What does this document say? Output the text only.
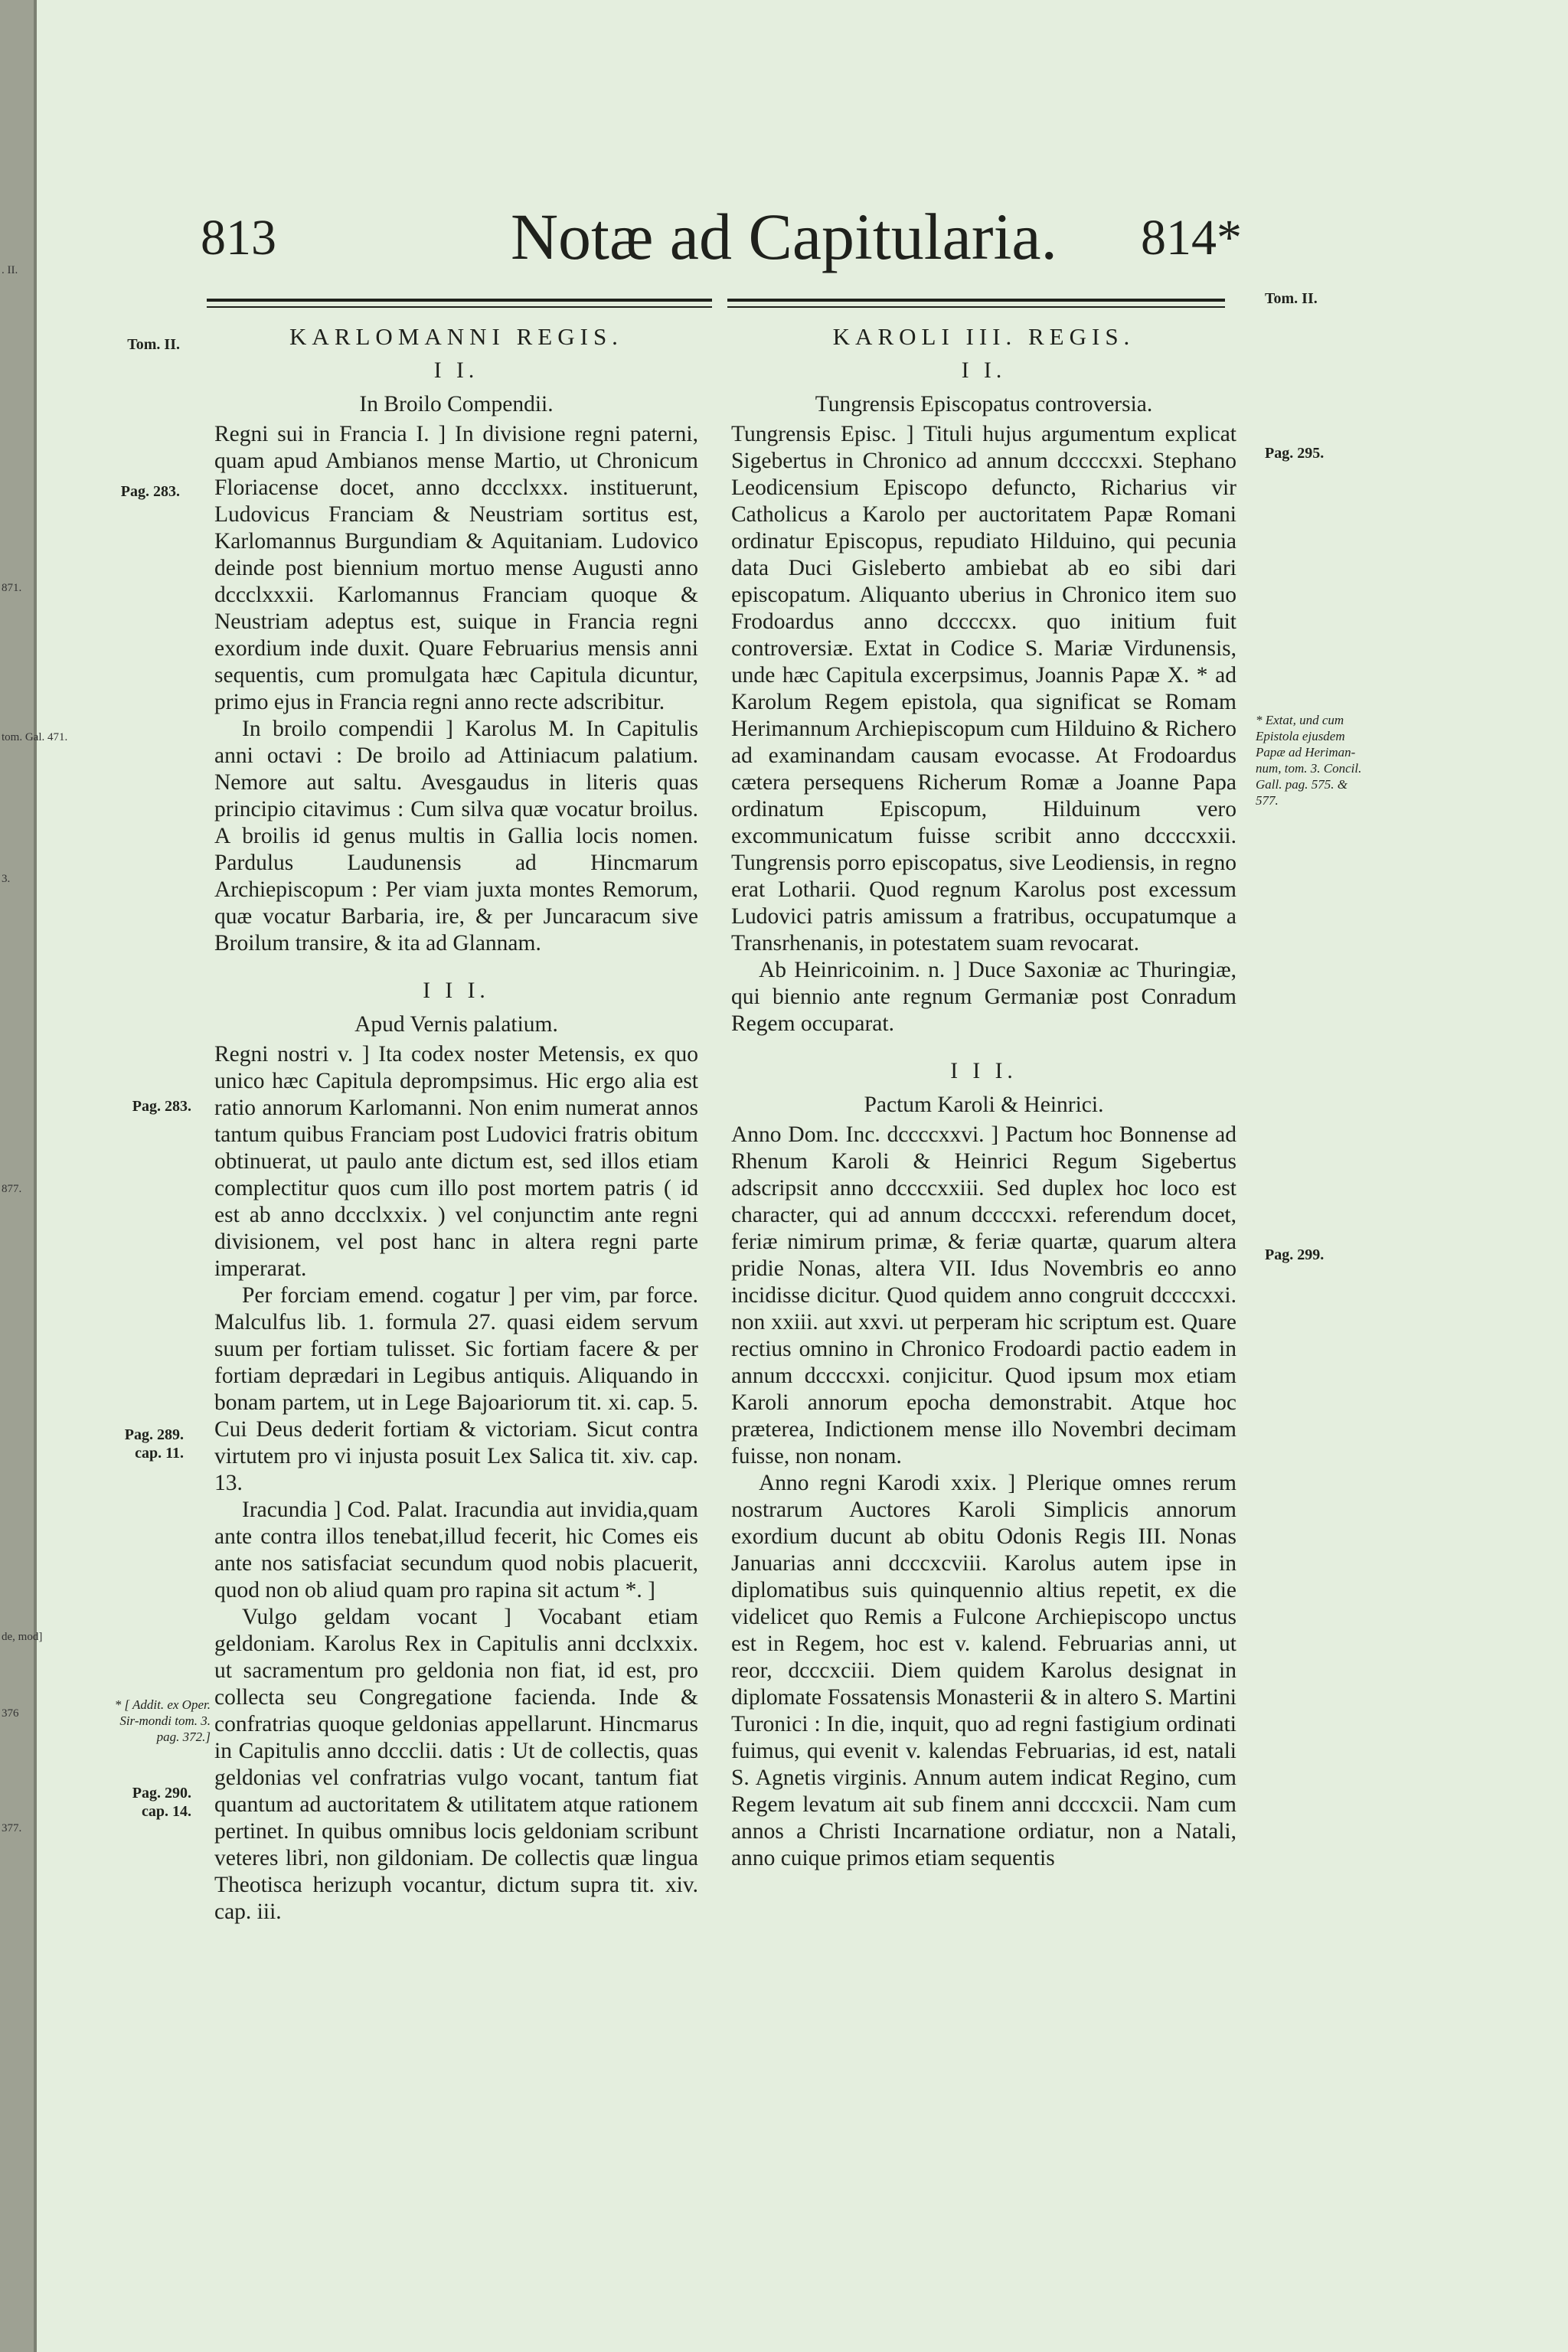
. II.
871.
tom. Gal. 471.
3.
877.
de, mod]
376
377.
813	Notæ ad Capitularia.	814*
Tom. II.
Pag. 283.
Pag. 283.
Pag. 289. cap. 11.
* [ Addit. ex Oper. Sir-mondi tom. 3. pag. 372.]
Pag. 290. cap. 14.
Tom. II.
Pag. 295.
* Extat, und cum Epistola ejusdem Papæ ad Heriman-num, tom. 3. Concil. Gall. pag. 575. & 577.
Pag. 299.

KARLOMANNI REGIS.

I I.

In Broilo Compendii.

Regni sui in Francia I. ] In divisione regni paterni, quam apud Ambianos mense Martio, ut Chronicum Floriacense docet, anno dccclxxx. instituerunt, Ludovicus Franciam & Neustriam sortitus est, Karlomannus Burgundiam & Aquitaniam. Ludovico deinde post biennium mortuo mense Augusti anno dccclxxxii. Karlomannus Franciam quoque & Neustriam adeptus est, suique in Francia regni exordium inde duxit. Quare Februarius mensis anni sequentis, cum promulgata hæc Capitula dicuntur, primo ejus in Francia regni anno recte adscribitur.

In broilo compendii ] Karolus M. In Capitulis anni octavi : De broilo ad Attiniacum palatium. Nemore aut saltu. Avesgaudus in literis quas principio citavimus : Cum silva quæ vocatur broilus. A broilis id genus multis in Gallia locis nomen. Pardulus Laudunensis ad Hincmarum Archiepiscopum : Per viam juxta montes Remorum, quæ vocatur Barbaria, ire, & per Juncaracum sive Broilum transire, & ita ad Glannam.

I I I.

Apud Vernis palatium.

Regni nostri v. ] Ita codex noster Metensis, ex quo unico hæc Capitula deprompsimus. Hic ergo alia est ratio annorum Karlomanni. Non enim numerat annos tantum quibus Franciam post Ludovici fratris obitum obtinuerat, ut paulo ante dictum est, sed illos etiam complectitur quos cum illo post mortem patris ( id est ab anno dccclxxix. ) vel conjunctim ante regni divisionem, vel post hanc in altera regni parte imperarat.

Per forciam emend. cogatur ] per vim, par force. Malculfus lib. 1. formula 27. quasi eidem servum suum per fortiam tulisset. Sic fortiam facere & per fortiam deprædari in Legibus antiquis. Aliquando in bonam partem, ut in Lege Bajoariorum tit. xi. cap. 5. Cui Deus dederit fortiam & victoriam. Sicut contra virtutem pro vi injusta posuit Lex Salica tit. xiv. cap. 13.

Iracundia ] Cod. Palat. Iracundia aut invidia,quam ante contra illos tenebat,illud fecerit, hic Comes eis ante nos satisfaciat secundum quod nobis placuerit, quod non ob aliud quam pro rapina sit actum *. ]

Vulgo geldam vocant ] Vocabant etiam geldoniam. Karolus Rex in Capitulis anni dcclxxix. ut sacramentum pro geldonia non fiat, id est, pro collecta seu Congregatione facienda. Inde & confratrias quoque geldonias appellarunt. Hincmarus in Capitulis anno dccclii. datis : Ut de collectis, quas geldonias vel confratrias vulgo vocant, tantum fiat quantum ad auctoritatem & utilitatem atque rationem pertinet. In quibus omnibus locis geldoniam scribunt veteres libri, non gildoniam. De collectis quæ lingua Theotisca herizuph vocantur, dictum supra tit. xiv. cap. iii.

KAROLI III. REGIS.

I I.

Tungrensis Episcopatus controversia.

Tungrensis Episc. ] Tituli hujus argumentum explicat Sigebertus in Chronico ad annum dccccxxi. Stephano Leodicensium Episcopo defuncto, Richarius vir Catholicus a Karolo per auctoritatem Papæ Romani ordinatur Episcopus, repudiato Hilduino, qui pecunia data Duci Gisleberto ambiebat ab eo sibi dari episcopatum. Aliquanto uberius in Chronico item suo Frodoardus anno dccccxx. quo initium fuit controversiæ. Extat in Codice S. Mariæ Virdunensis, unde hæc Capitula excerpsimus, Joannis Papæ X. * ad Karolum Regem epistola, qua significat se Romam Herimannum Archiepiscopum cum Hilduino & Richero ad examinandam causam evocasse. At Frodoardus cætera persequens Richerum Romæ a Joanne Papa ordinatum Episcopum, Hilduinum vero excommunicatum fuisse scribit anno dccccxxii. Tungrensis porro episcopatus, sive Leodiensis, in regno erat Lotharii. Quod regnum Karolus post excessum Ludovici patris amissum a fratribus, occupatumque a Transrhenanis, in potestatem suam revocarat.

Ab Heinricoinim. n. ] Duce Saxoniæ ac Thuringiæ, qui biennio ante regnum Germaniæ post Conradum Regem occuparat.

I I I.

Pactum Karoli & Heinrici.

Anno Dom. Inc. dccccxxvi. ] Pactum hoc Bonnense ad Rhenum Karoli & Heinrici Regum Sigebertus adscripsit anno dccccxxiii. Sed duplex hoc loco est character, qui ad annum dccccxxi. referendum docet, feriæ nimirum primæ, & feriæ quartæ, quarum altera pridie Nonas, altera VII. Idus Novembris eo anno incidisse dicitur. Quod quidem anno congruit dccccxxi. non xxiii. aut xxvi. ut perperam hic scriptum est. Quare rectius omnino in Chronico Frodoardi pactio eadem in annum dccccxxi. conjicitur. Quod ipsum mox etiam Karoli annorum epocha demonstrabit. Atque hoc præterea, Indictionem mense illo Novembri decimam fuisse, non nonam.

Anno regni Karodi xxix. ] Plerique omnes rerum nostrarum Auctores Karoli Simplicis annorum exordium ducunt ab obitu Odonis Regis III. Nonas Januarias anni dcccxcviii. Karolus autem ipse in diplomatibus suis quinquennio altius repetit, ex die videlicet quo Remis a Fulcone Archiepiscopo unctus est in Regem, hoc est v. kalend. Februarias anni, ut reor, dcccxciii. Diem quidem Karolus designat in diplomate Fossatensis Monasterii & in altero S. Martini Turonici : In die, inquit, quo ad regni fastigium ordinati fuimus, qui evenit v. kalendas Februarias, id est, natali S. Agnetis virginis. Annum autem indicat Regino, cum Regem levatum ait sub finem anni dcccxcii. Nam cum annos a Christi Incarnatione ordiatur, non a Natali, anno cuique primos etiam sequentis
